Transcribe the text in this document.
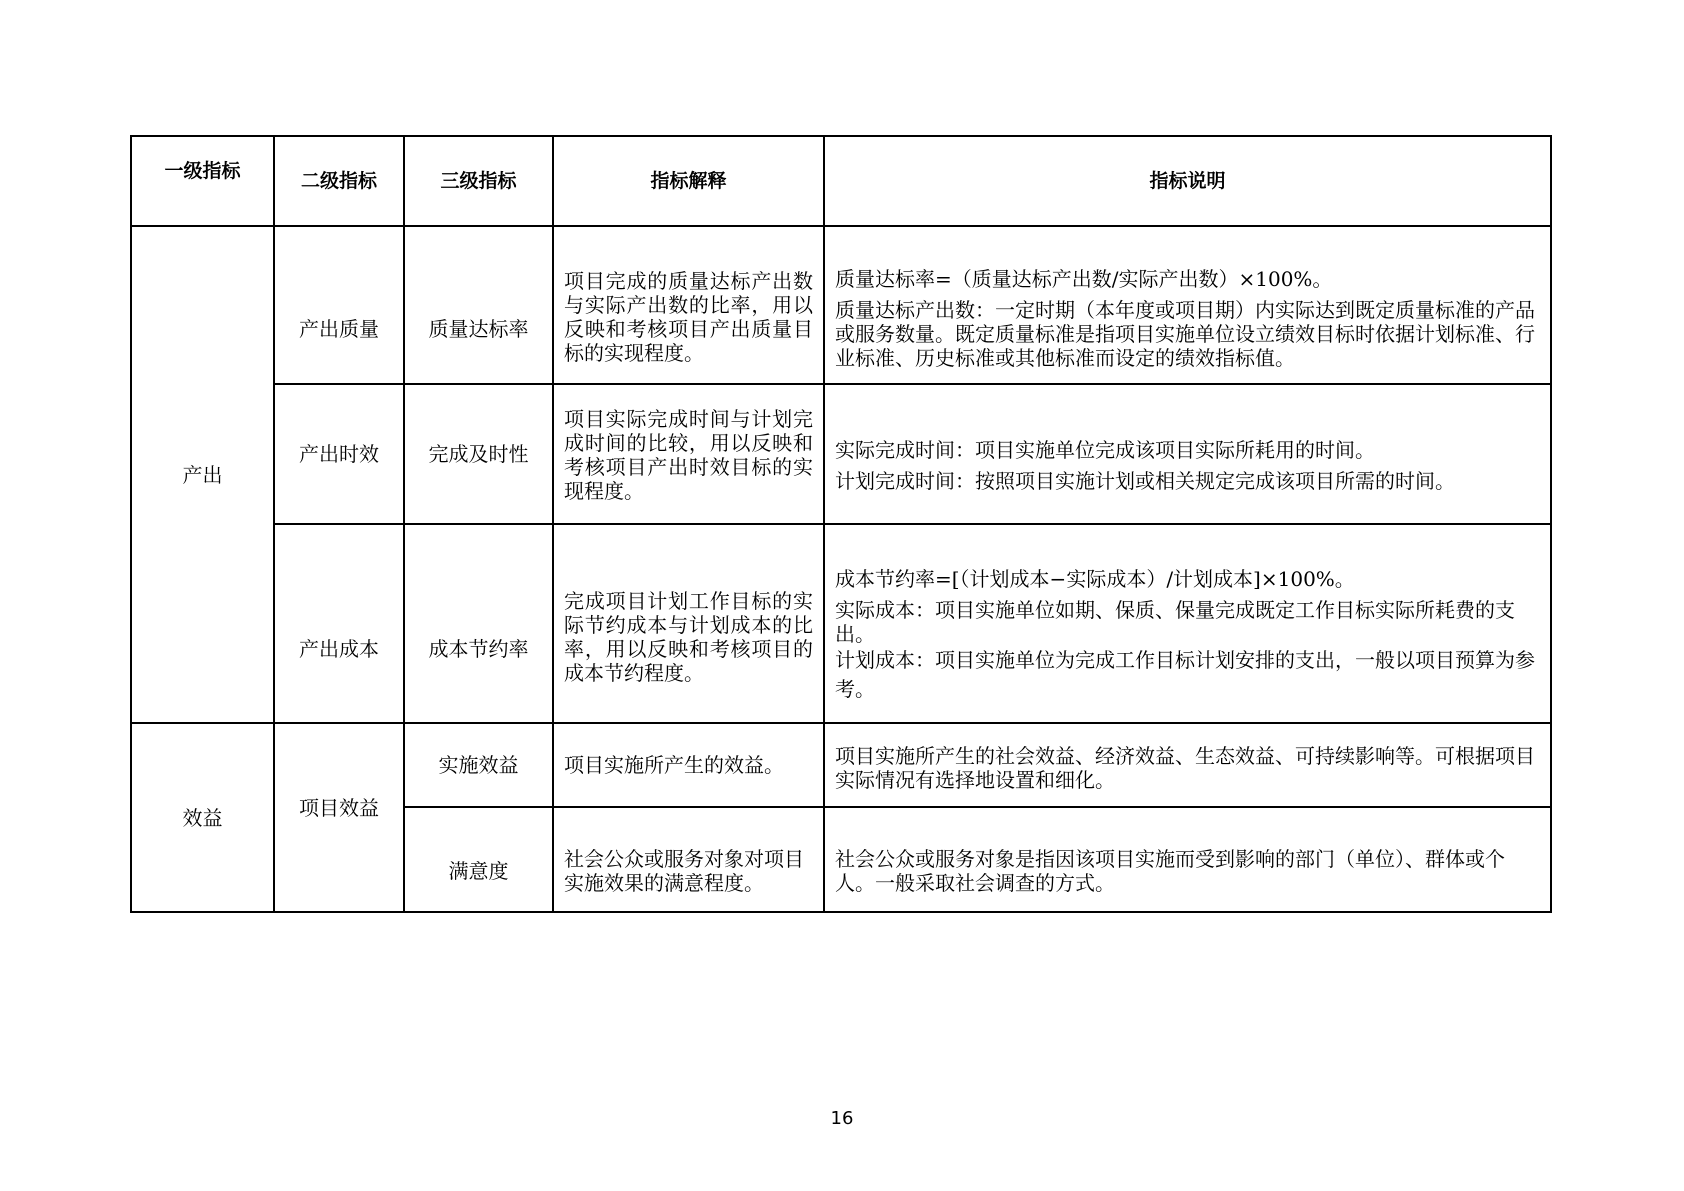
一级指标	二级指标	三级指标	指标解释	指标说明
产出	产出质量	质量达标率	项目完成的质量达标产出数与实际产出数的比率，用以反映和考核项目产出质量目标的实现程度。	质量达标率=（质量达标产出数/实际产出数）×100%。
质量达标产出数：一定时期（本年度或项目期）内实际达到既定质量标准的产品或服务数量。既定质量标准是指项目实施单位设立绩效目标时依据计划标准、行业标准、历史标准或其他标准而设定的绩效指标值。

	产出时效	完成及时性	项目实际完成时间与计划完成时间的比较，用以反映和考核项目产出时效目标的实现程度。	实际完成时间：项目实施单位完成该项目实际所耗用的时间。
计划完成时间：按照项目实施计划或相关规定完成该项目所需的时间。

	产出成本	成本节约率	完成项目计划工作目标的实际节约成本与计划成本的比率，用以反映和考核项目的成本节约程度。	成本节约率=[（计划成本−实际成本）/计划成本]×100%。
实际成本：项目实施单位如期、保质、保量完成既定工作目标实际所耗费的支出。
计划成本：项目实施单位为完成工作目标计划安排的支出，一般以项目预算为参考。

效益	项目效益	实施效益	项目实施所产生的效益。	项目实施所产生的社会效益、经济效益、生态效益、可持续影响等。可根据项目实际情况有选择地设置和细化。

		满意度	社会公众或服务对象对项目实施效果的满意程度。	社会公众或服务对象是指因该项目实施而受到影响的部门（单位）、群体或个人。一般采取社会调查的方式。
16
